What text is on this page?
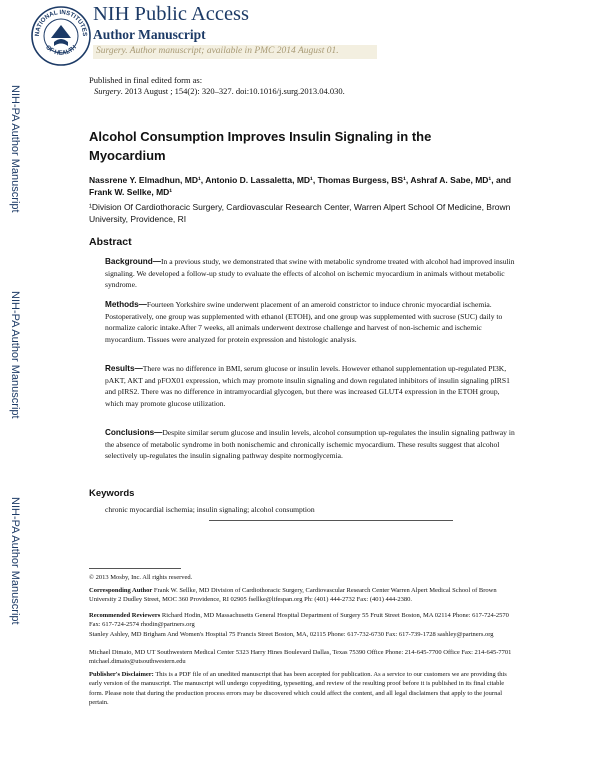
NATIONAL INSTITUTES
OF HEALTH
NIH Public Access
Author Manuscript
Surgery. Author manuscript; available in PMC 2014 August 01.
Published in final edited form as:
Surgery. 2013 August ; 154(2): 320–327. doi:10.1016/j.surg.2013.04.030.
NIH-PA Author Manuscript
NIH-PA Author Manuscript
NIH-PA Author Manuscript
Alcohol Consumption Improves Insulin Signaling in the Myocardium
Nassrene Y. Elmadhun, MD¹, Antonio D. Lassaletta, MD¹, Thomas Burgess, BS¹, Ashraf A. Sabe, MD¹, and Frank W. Sellke, MD¹
¹Division Of Cardiothoracic Surgery, Cardiovascular Research Center, Warren Alpert School Of Medicine, Brown University, Providence, RI
Abstract
Background—In a previous study, we demonstrated that swine with metabolic syndrome treated with alcohol had improved insulin signaling. We developed a follow-up study to evaluate the effects of alcohol on ischemic myocardium in animals without metabolic syndrome.
Methods—Fourteen Yorkshire swine underwent placement of an ameroid constrictor to induce chronic myocardial ischemia. Postoperatively, one group was supplemented with ethanol (ETOH), and one group was supplemented with sucrose (SUC) daily to normalize caloric intake.After 7 weeks, all animals underwent dextrose challenge and harvest of non-ischemic and ischemic myocardium. Tissues were analyzed for protein expression and histologic analysis.
Results—There was no difference in BMI, serum glucose or insulin levels. However ethanol supplementation up-regulated PI3K, pAKT, AKT and pFOX01 expression, which may promote insulin signaling and down regulated inhibitors of insulin signaling pIRS1 and pIRS2. There was no difference in intramyocardial glycogen, but there was increased GLUT4 expression in the ETOH group, which may promote glucose utilization.
Conclusions—Despite similar serum glucose and insulin levels, alcohol consumption up-regulates the insulin signaling pathway in the absence of metabolic syndrome in both nonischemic and chronically ischemic myocardium. These results suggest that alcohol selectively up-regulates the insulin signaling pathway despite normoglycemia.
Keywords
chronic myocardial ischemia; insulin signaling; alcohol consumption
© 2013 Mosby, Inc. All rights reserved.
Corresponding Author Frank W. Sellke, MD Division of Cardiothoracic Surgery, Cardiovascular Research Center Warren Alpert Medical School of Brown University 2 Dudley Street, MOC 360 Providence, RI 02905 fsellke@lifespan.org Ph: (401) 444-2732 Fax: (401) 444-2380.
Recommended Reviewers Richard Hodin, MD Massachusetts General Hospital Department of Surgery 55 Fruit Street Boston, MA 02114 Phone: 617-724-2570 Fax: 617-724-2574 rhodin@partners.org
Stanley Ashley, MD Brigham And Women's Hospital 75 Francis Street Boston, MA, 02115 Phone: 617-732-6730 Fax: 617-739-1728 sashley@partners.org
Michael Dimaio, MD UT Southwestern Medical Center 5323 Harry Hines Boulevard Dallas, Texas 75390 Office Phone: 214-645-7700 Office Fax: 214-645-7701 michael.dimaio@utsouthwestern.edu
Publisher's Disclaimer: This is a PDF file of an unedited manuscript that has been accepted for publication. As a service to our customers we are providing this early version of the manuscript. The manuscript will undergo copyediting, typesetting, and review of the resulting proof before it is published in its final citable form. Please note that during the production process errors may be discovered which could affect the content, and all legal disclaimers that apply to the journal pertain.
